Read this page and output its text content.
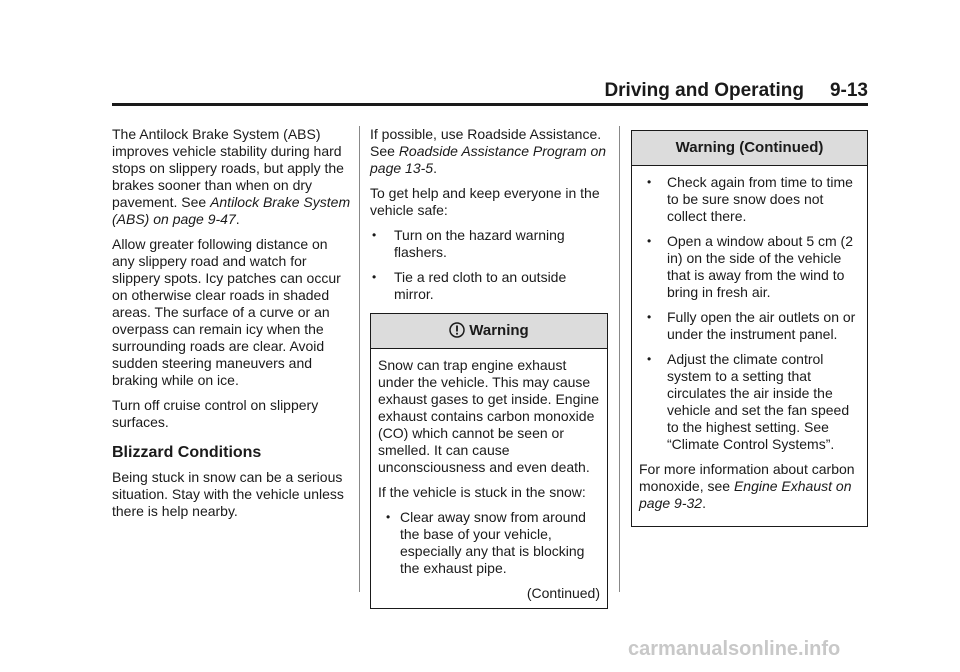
Driving and Operating 9-13

The Antilock Brake System (ABS) improves vehicle stability during hard stops on slippery roads, but apply the brakes sooner than when on dry pavement. See Antilock Brake System (ABS) on page 9-47.

Allow greater following distance on any slippery road and watch for slippery spots. Icy patches can occur on otherwise clear roads in shaded areas. The surface of a curve or an overpass can remain icy when the surrounding roads are clear. Avoid sudden steering maneuvers and braking while on ice.

Turn off cruise control on slippery surfaces.

Blizzard Conditions

Being stuck in snow can be a serious situation. Stay with the vehicle unless there is help nearby.

If possible, use Roadside Assistance. See Roadside Assistance Program on page 13-5.

To get help and keep everyone in the vehicle safe:

• Turn on the hazard warning flashers.
• Tie a red cloth to an outside mirror.
Warning

Snow can trap engine exhaust under the vehicle. This may cause exhaust gases to get inside. Engine exhaust contains carbon monoxide (CO) which cannot be seen or smelled. It can cause unconsciousness and even death.

If the vehicle is stuck in the snow:

• Clear away snow from around the base of your vehicle, especially any that is blocking the exhaust pipe.
(Continued)
Warning (Continued)
• Check again from time to time to be sure snow does not collect there.
• Open a window about 5 cm (2 in) on the side of the vehicle that is away from the wind to bring in fresh air.
• Fully open the air outlets on or under the instrument panel.
• Adjust the climate control system to a setting that circulates the air inside the vehicle and set the fan speed to the highest setting. See “Climate Control Systems”.

For more information about carbon monoxide, see Engine Exhaust on page 9-32.

carmanualsonline.info
